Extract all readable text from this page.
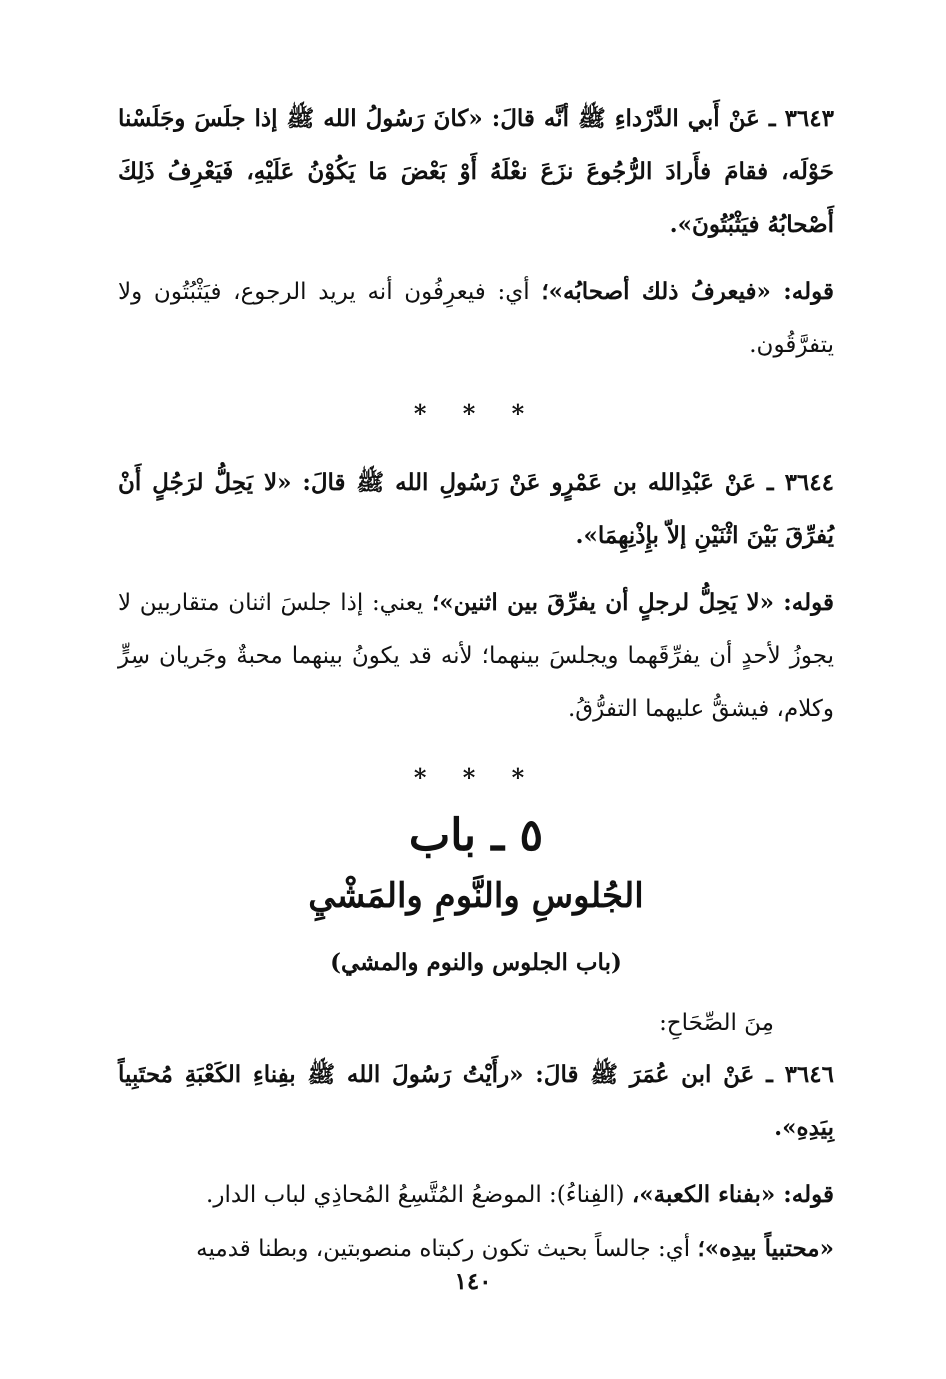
٣٦٤٣ ـ عَنْ أَبي الدَّرْداءِ ﷺ أنَّه قالَ: «كانَ رَسُولُ الله ﷺ إذا جلَسَ وجَلَسْنا حَوْلَه، فقامَ فأَرادَ الرُّجُوعَ نزَعَ نعْلَهُ أَوْ بَعْضَ مَا يَكُوْنُ عَلَيْهِ، فَيَعْرِفُ ذَلِكَ أَصْحابُهُ فيَثْبُتُونَ».

قوله: «فيعرفُ ذلك أصحابُه»؛ أي: فيعرِفُون أنه يريد الرجوع، فيَثْبُتُون ولا يتفرَّقُون.

* * *

٣٦٤٤ ـ عَنْ عَبْدِالله بن عَمْرٍو عَنْ رَسُولِ الله ﷺ قالَ: «لا يَحِلُّ لرَجُلٍ أَنْ يُفرِّقَ بَيْنَ اثْنَيْنِ إلاّ بإِذْنِهِمَا».

قوله: «لا يَحِلُّ لرجلٍ أن يفرِّقَ بين اثنين»؛ يعني: إذا جلسَ اثنان متقاربين لا يجوزُ لأحدٍ أن يفرِّقَهما ويجلسَ بينهما؛ لأنه قد يكونُ بينهما محبةٌ وجَريان سِرٍّ وكلام، فيشقُّ عليهما التفرُّقُ.

* * *
٥ ـ باب
الجُلوسِ والنَّومِ والمَشْيِ
(باب الجلوس والنوم والمشي)
مِنَ الصِّحَاحِ:

٣٦٤٦ ـ عَنْ ابن عُمَرَ ﷺ قالَ: «رأَيْتُ رَسُولَ الله ﷺ بفِناءِ الكَعْبَةِ مُحتَبِياً بِيَدِهِ».

قوله: «بفناء الكعبة»، (الفِناءُ): الموضعُ المُتَّسِعُ المُحاذِي لباب الدار.

«محتبياً بيدِه»؛ أي: جالساً بحيث تكون ركبتاه منصوبتين، وبطنا قدميه

١٤٠
